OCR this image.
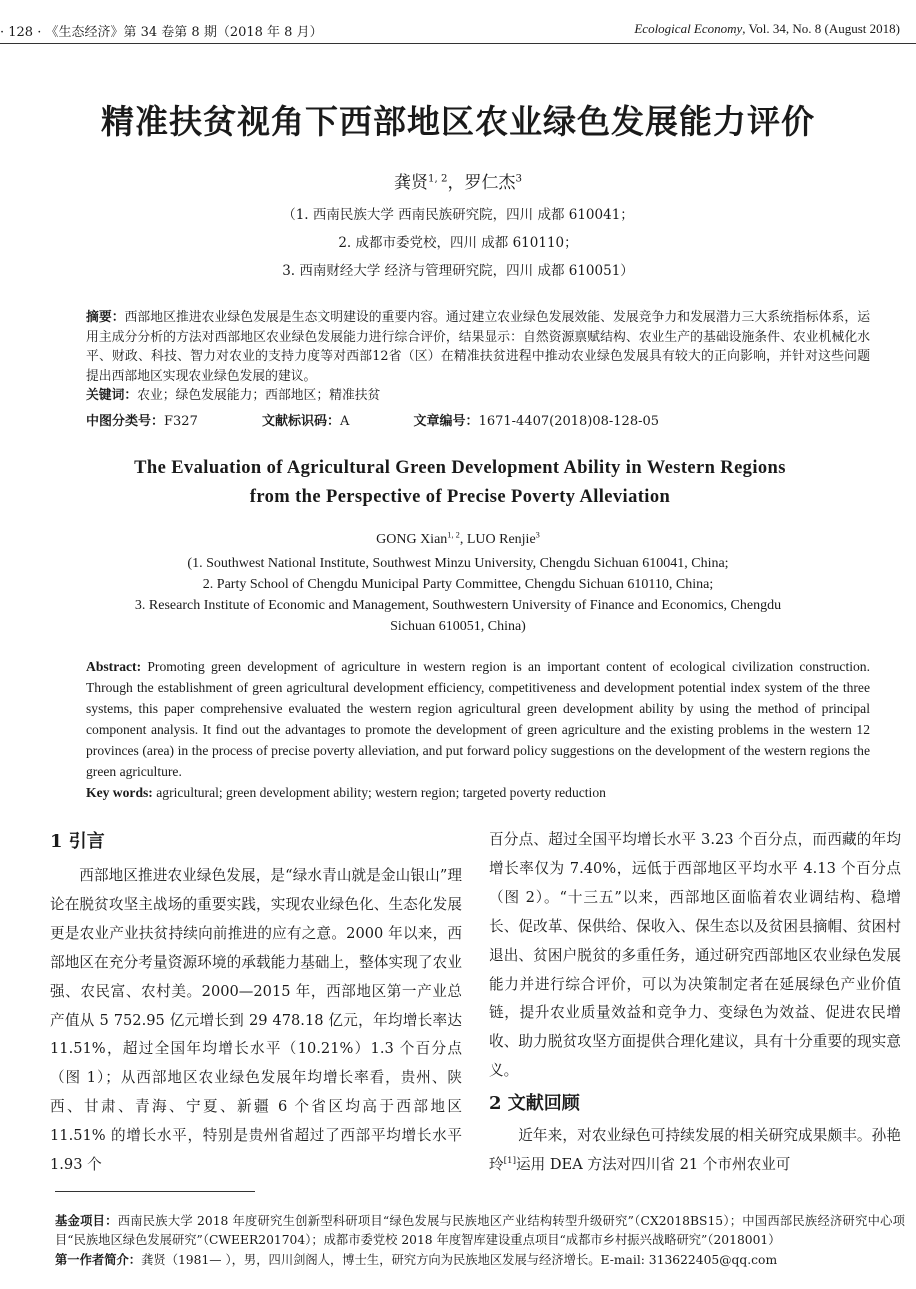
· 128 · 《生态经济》第 34 卷第 8 期（2018 年 8 月）	Ecological Economy, Vol. 34, No. 8 (August 2018)
精准扶贫视角下西部地区农业绿色发展能力评价
龚贤$^{1, 2}$，罗仁杰$^3$
（1. 西南民族大学 西南民族研究院，四川 成都 610041；
2. 成都市委党校，四川 成都 610110；
3. 西南财经大学 经济与管理研究院，四川 成都 610051）
摘要：西部地区推进农业绿色发展是生态文明建设的重要内容。通过建立农业绿色发展效能、发展竞争力和发展潜力三大系统指标体系，运用主成分分析的方法对西部地区农业绿色发展能力进行综合评价，结果显示：自然资源禀赋结构、农业生产的基础设施条件、农业机械化水平、财政、科技、智力对农业的支持力度等对西部12省（区）在精准扶贫进程中推动农业绿色发展具有较大的正向影响，并针对这些问题提出西部地区实现农业绿色发展的建议。
关键词：农业；绿色发展能力；西部地区；精准扶贫
中图分类号：F327	文献标识码：A	文章编号：1671-4407(2018)08-128-05
The Evaluation of Agricultural Green Development Ability in Western Regions
from the Perspective of Precise Poverty Alleviation
GONG Xian$^{1, 2}$, LUO Renjie$^3$
(1. Southwest National Institute, Southwest Minzu University, Chengdu Sichuan 610041, China;
2. Party School of Chengdu Municipal Party Committee, Chengdu Sichuan 610110, China;
3. Research Institute of Economic and Management, Southwestern University of Finance and Economics, Chengdu
Sichuan 610051, China)
Abstract: Promoting green development of agriculture in western region is an important content of ecological civilization construction. Through the establishment of green agricultural development efficiency, competitiveness and development potential index system of the three systems, this paper comprehensive evaluated the western region agricultural green development ability by using the method of principal component analysis. It find out the advantages to promote the development of green agriculture and the existing problems in the western 12 provinces (area) in the process of precise poverty alleviation, and put forward policy suggestions on the development of the western regions the green agriculture.
Key words: agricultural; green development ability; western region; targeted poverty reduction
1 引言

西部地区推进农业绿色发展，是“绿水青山就是金山银山”理论在脱贫攻坚主战场的重要实践，实现农业绿色化、生态化发展更是农业产业扶贫持续向前推进的应有之意。2000 年以来，西部地区在充分考量资源环境的承载能力基础上，整体实现了农业强、农民富、农村美。2000—2015 年，西部地区第一产业总产值从 5 752.95 亿元增长到 29 478.18 亿元，年均增长率达 11.51%，超过全国年均增长水平（10.21%）1.3 个百分点（图 1）；从西部地区农业绿色发展年均增长率看，贵州、陕西、甘肃、青海、宁夏、新疆 6 个省区均高于西部地区 11.51% 的增长水平，特别是贵州省超过了西部平均增长水平 1.93 个

百分点、超过全国平均增长水平 3.23 个百分点，而西藏的年均增长率仅为 7.40%，远低于西部地区平均水平 4.13 个百分点（图 2）。“十三五”以来，西部地区面临着农业调结构、稳增长、促改革、保供给、保收入、保生态以及贫困县摘帽、贫困村退出、贫困户脱贫的多重任务，通过研究西部地区农业绿色发展能力并进行综合评价，可以为决策制定者在延展绿色产业价值链，提升农业质量效益和竞争力、变绿色为效益、促进农民增收、助力脱贫攻坚方面提供合理化建议，具有十分重要的现实意义。

2 文献回顾

近年来，对农业绿色可持续发展的相关研究成果颇丰。孙艳玲[1]运用 DEA 方法对四川省 21 个市州农业可

基金项目：西南民族大学 2018 年度研究生创新型科研项目“绿色发展与民族地区产业结构转型升级研究”（CX2018BS15）；中国西部民族经济研究中心项目“民族地区绿色发展研究”（CWEER201704）；成都市委党校 2018 年度智库建设重点项目“成都市乡村振兴战略研究”（2018001）
第一作者简介：龚贤（1981— ），男，四川剑阁人，博士生，研究方向为民族地区发展与经济增长。E-mail: 313622405@qq.com
